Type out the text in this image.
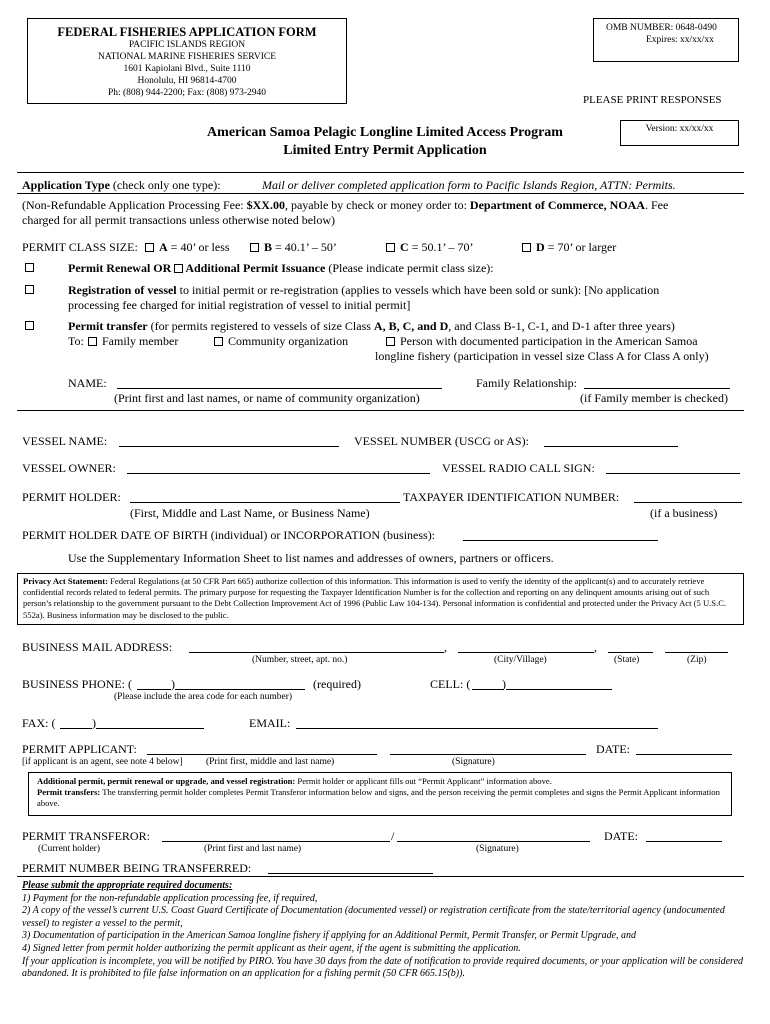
FEDERAL FISHERIES APPLICATION FORM
PACIFIC ISLANDS REGION
NATIONAL MARINE FISHERIES SERVICE
1601 Kapiolani Blvd., Suite 1110
Honolulu, HI 96814-4700
Ph: (808) 944-2200; Fax: (808) 973-2940
OMB NUMBER: 0648-0490
Expires: xx/xx/xx
PLEASE PRINT RESPONSES
Version: xx/xx/xx
American Samoa Pelagic Longline Limited Access Program
Limited Entry Permit Application
Application Type (check only one type):	Mail or deliver completed application form to Pacific Islands Region, ATTN: Permits.
(Non-Refundable Application Processing Fee: $XX.00, payable by check or money order to: Department of Commerce, NOAA. Fee
charged for all permit transactions unless otherwise noted below)
PERMIT CLASS SIZE:	A = 40’ or less	B = 40.1’ – 50’	C = 50.1’ – 70’	D = 70’ or larger
Permit Renewal OR Additional Permit Issuance (Please indicate permit class size):
Registration of vessel to initial permit or re-registration (applies to vessels which have been sold or sunk): [No application
processing fee charged for initial registration of vessel to initial permit]
Permit transfer (for permits registered to vessels of size Class A, B, C, and D, and Class B-1, C-1, and D-1 after three years)
To:	Family member	Community organization	Person with documented participation in the American Samoa
longline fishery (participation in vessel size Class A for Class A only)
NAME:
(Print first and last names, or name of community organization)
Family Relationship:
(if Family member is checked)
VESSEL NAME:	VESSEL NUMBER (USCG or AS):
VESSEL OWNER:	VESSEL RADIO CALL SIGN:
PERMIT HOLDER:	TAXPAYER IDENTIFICATION NUMBER:
(First, Middle and Last Name, or Business Name)	(if a business)
PERMIT HOLDER DATE OF BIRTH (individual) or INCORPORATION (business):
Use the Supplementary Information Sheet to list names and addresses of owners, partners or officers.
Privacy Act Statement: Federal Regulations (at 50 CFR Part 665) authorize collection of this information. This information is used to verify the identity of the applicant(s) and to accurately retrieve confidential records related to federal permits. The primary purpose for requesting the Taxpayer Identification Number is for the collection and reporting on any delinquent amounts arising out of such person’s relationship to the government pursuant to the Debt Collection Improvement Act of 1996 (Public Law 104-134). Personal information is confidential and protected under the Privacy Act (5 U.S.C. 552a). Business information may be disclosed to the public.
BUSINESS MAIL ADDRESS:	,	,
(Number, street, apt. no.)	(City/Village)	(State)	(Zip)
BUSINESS PHONE: (	)	(required)
(Please include the area code for each number)
CELL: (	)
FAX: (	)	EMAIL:
PERMIT APPLICANT:	DATE:
[if applicant is an agent, see note 4 below] (Print first, middle and last name)	(Signature)
Additional permit, permit renewal or upgrade, and vessel registration: Permit holder or applicant fills out “Permit Applicant” information above.
Permit transfers: The transferring permit holder completes Permit Transferor information below and signs, and the person receiving the permit completes and signs the Permit Applicant information above.
PERMIT TRANSFEROR:	/	DATE:
(Current holder)	(Print first and last name)	(Signature)
PERMIT NUMBER BEING TRANSFERRED:
Please submit the appropriate required documents:
1) Payment for the non-refundable application processing fee, if required,
2) A copy of the vessel’s current U.S. Coast Guard Certificate of Documentation (documented vessel) or registration certificate from the state/territorial agency (undocumented vessel) to register a vessel to the permit,
3) Documentation of participation in the American Samoa longline fishery if applying for an Additional Permit, Permit Transfer, or Permit Upgrade, and
4) Signed letter from permit holder authorizing the permit applicant as their agent, if the agent is submitting the application.
If your application is incomplete, you will be notified by PIRO. You have 30 days from the date of notification to provide required documents, or your application will be considered abandoned. It is prohibited to file false information on an application for a fishing permit (50 CFR 665.15(b)).
